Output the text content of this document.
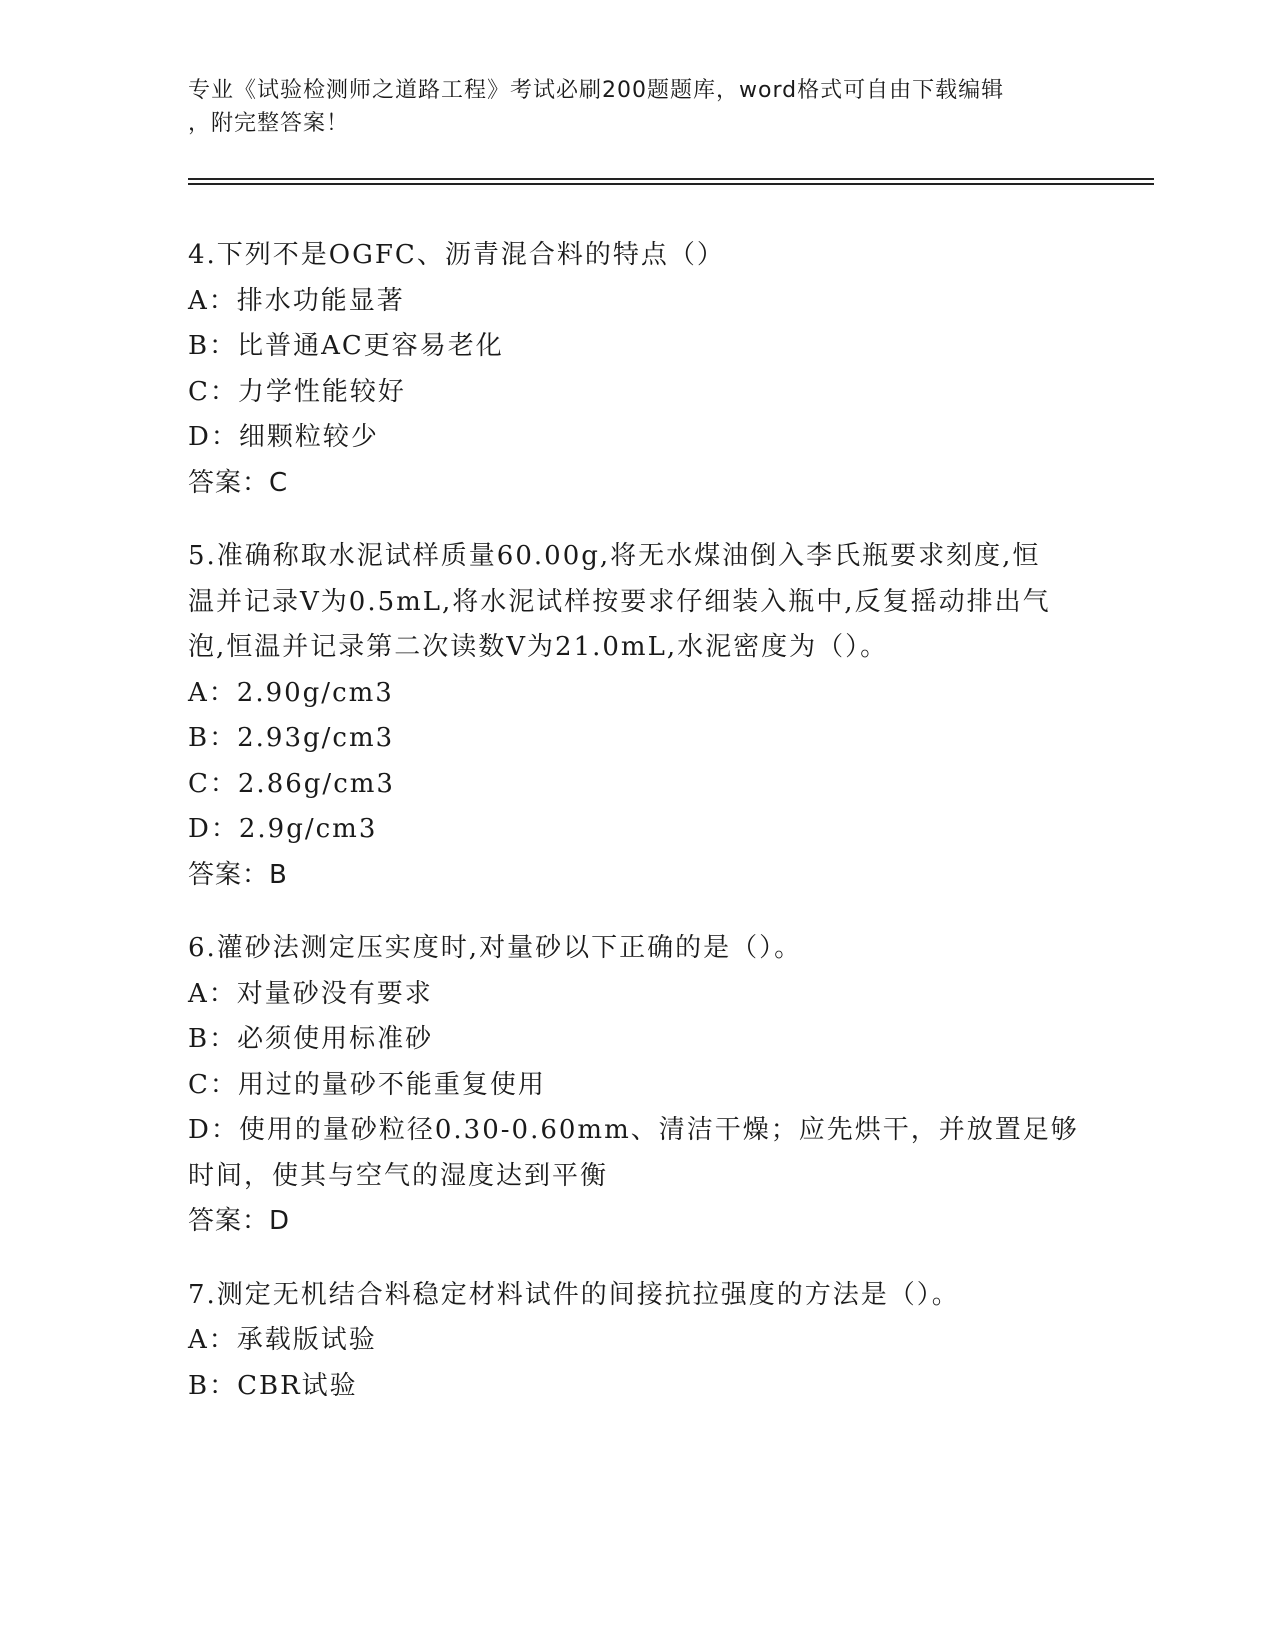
专业《试验检测师之道路工程》考试必刷200题题库，word格式可自由下载编辑
，附完整答案！

4.下列不是OGFC、沥青混合料的特点（）

A：排水功能显著

B：比普通AC更容易老化

C：力学性能较好

D：细颗粒较少

答案：C

5.准确称取水泥试样质量60.00g,将无水煤油倒入李氏瓶要求刻度,恒

温并记录V为0.5mL,将水泥试样按要求仔细装入瓶中,反复摇动排出气

泡,恒温并记录第二次读数V为21.0mL,水泥密度为（）。

A：2.90g/cm3

B：2.93g/cm3

C：2.86g/cm3

D：2.9g/cm3

答案：B

6.灌砂法测定压实度时,对量砂以下正确的是（）。

A：对量砂没有要求

B：必须使用标准砂

C：用过的量砂不能重复使用

D：使用的量砂粒径0.30-0.60mm、清洁干燥；应先烘干，并放置足够

时间，使其与空气的湿度达到平衡

答案：D

7.测定无机结合料稳定材料试件的间接抗拉强度的方法是（）。

A：承载版试验

B：CBR试验
